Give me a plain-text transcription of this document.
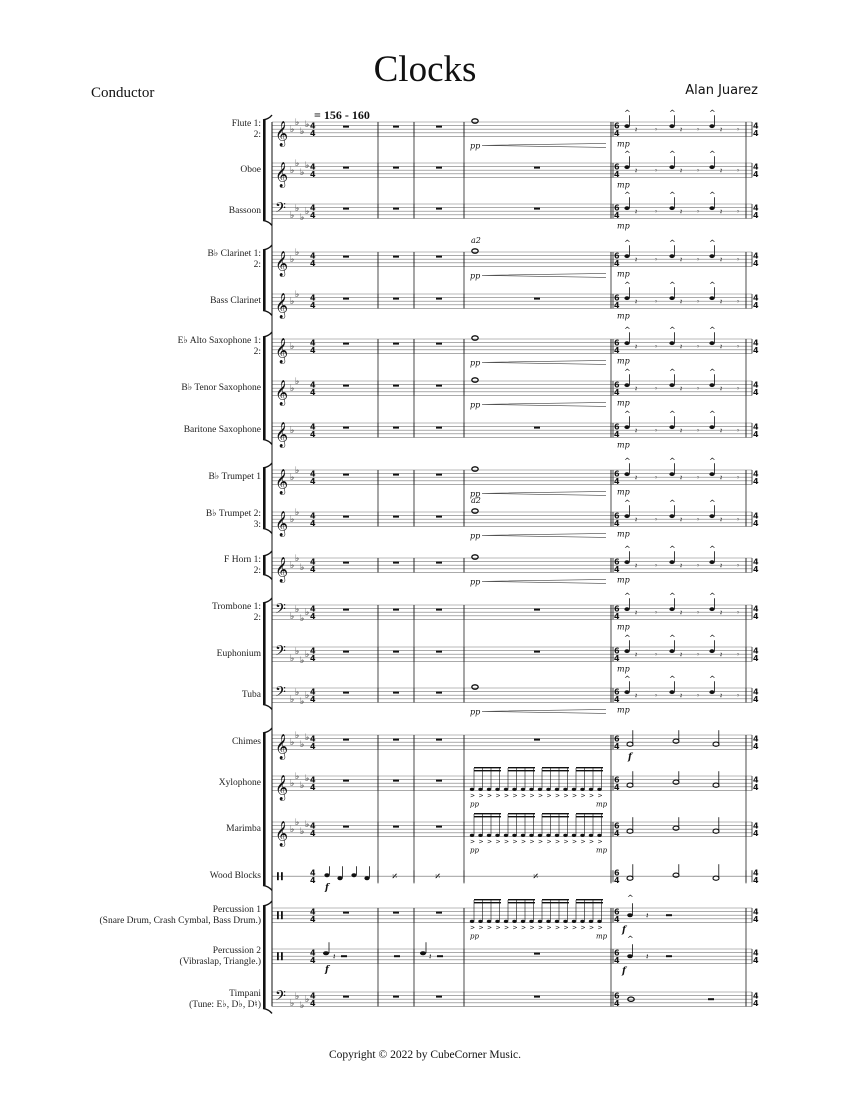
Clocks
Conductor	Alan Juarez
= 156 - 160
Flute 1:
2:
Oboe
Bassoon
B♭ Clarinet 1:
2:
Bass Clarinet
E♭ Alto Saxophone 1:
2:
B♭ Tenor Saxophone
Baritone Saxophone
B♭ Trumpet 1
B♭ Trumpet 2:
3:
F Horn 1:
2:
Trombone 1:
2:
Euphonium
Tuba
Chimes
Xylophone
Marimba
Wood Blocks
Percussion 1
(Snare Drum, Crash Cymbal, Bass Drum.)
Percussion 2
(Vibraslap, Triangle.)
Timpani
(Tune: E♭, D♭, D♮)
𝄞 ♭
♭
♭
♭ 4
4
6
4
4
4
pp
^
𝄽
^
𝄽
^
𝄽
𝄾	𝄾	𝄾
mp
𝄞 ♭
♭
♭
♭ 4
4
6
4
4
4
^
𝄽
^
𝄽
^
𝄽
𝄾	𝄾	𝄾
mp
𝄢 ♭
♭
♭
♭ 4
4
6
4
4
4
^
𝄽
^
𝄽
^
𝄽
𝄾	𝄾	𝄾
mp
𝄞 ♭
♭ 4
4
6
4
4
4
pp
a2	^
𝄽
^
𝄽
^
𝄽
𝄾	𝄾	𝄾
mp
𝄞 ♭
♭ 4
4
6
4
4
4
^
𝄽
^
𝄽
^
𝄽
𝄾	𝄾	𝄾
mp
𝄞 ♭ 4
4
6
4
4
4
pp
^
𝄽
^
𝄽
^
𝄽
𝄾	𝄾	𝄾
mp
𝄞 ♭
♭ 4
4
6
4
4
4
pp
^
𝄽
^
𝄽
^
𝄽
𝄾	𝄾	𝄾
mp
𝄞 ♭ 4
4
6
4
4
4
^
𝄽
^
𝄽
^
𝄽
𝄾	𝄾	𝄾
mp
𝄞 ♭
♭ 4
4
6
4
4
4
pp
^
𝄽
^
𝄽
^
𝄽
𝄾	𝄾	𝄾
mp
𝄞 ♭
♭ 4
4
6
4
4
4
pp
a2	^
𝄽
^
𝄽
^
𝄽
𝄾	𝄾	𝄾
mp
𝄞 ♭
♭
♭
4
4
6
4
4
4
pp
^
𝄽
^
𝄽
^
𝄽
𝄾	𝄾	𝄾
mp
𝄢 ♭
♭
♭
♭ 4
4
6
4
4
4
^
𝄽
^
𝄽
^
𝄽
𝄾	𝄾	𝄾
mp
𝄢 ♭
♭
♭
♭ 4
4
6
4
4
4
^
𝄽
^
𝄽
^
𝄽
𝄾	𝄾	𝄾
mp
𝄢 ♭
♭
♭
♭ 4
4
6
4
4
4
pp
^
𝄽
^
𝄽
^
𝄽
𝄾	𝄾	𝄾
mp
𝄞 ♭
♭
♭
♭ 4
4
6
4
4
4
f
𝄞 ♭
♭
♭
♭ 4
4
6
4
4
4
> > > > > > > > > > > > > > > >
pp	mp
𝄞 ♭
♭
♭
♭ 4
4
6
4
4
4
> > > > > > > > > > > > > > > >
pp	mp
4
4
6
4
4
4
f
𝄎	𝄎	𝄎
4
4
6
4
4
4
> > > > > > > > > > > > > > > >
pp	mp
^
𝄽
f
4
4
6
4
4
4
𝄽	𝄽
f
^
𝄽
f
𝄢 ♭
♭
♭
♭ 4
4
6
4
4
4
Copyright © 2022 by CubeCorner Music.
